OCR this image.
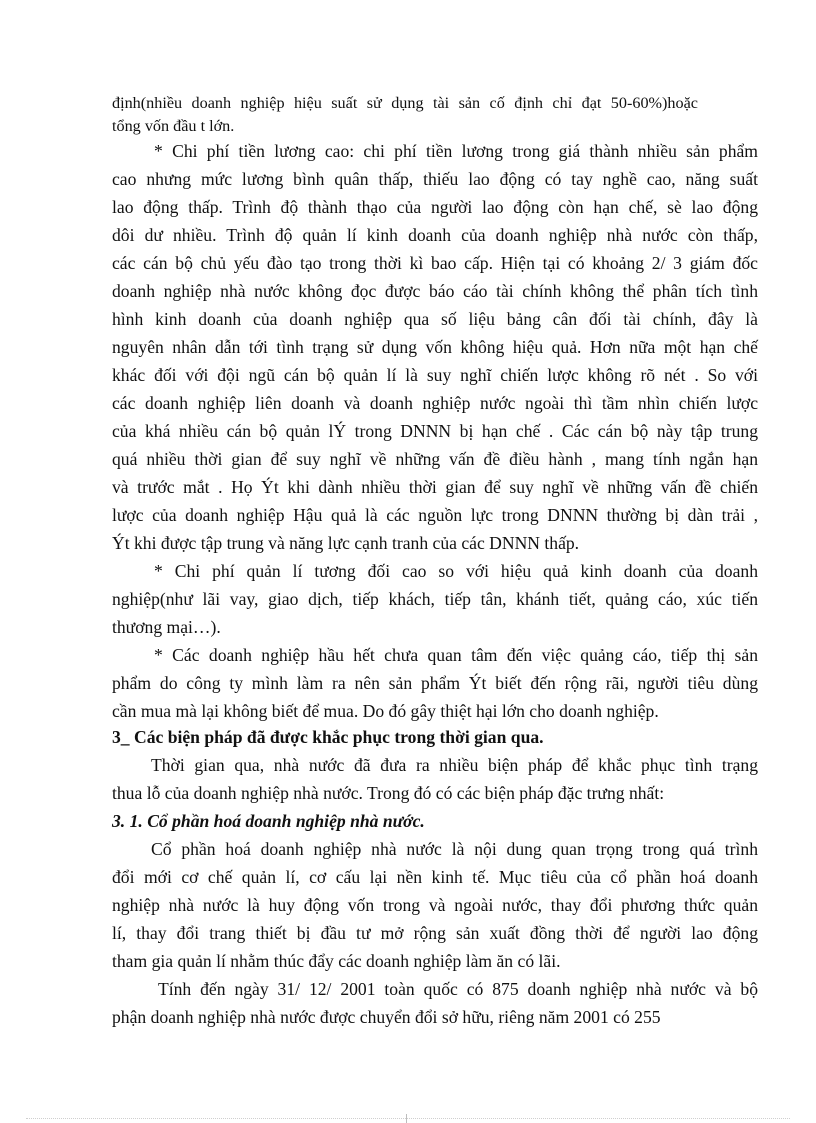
định(nhiều doanh nghiệp hiệu suất sử dụng tài sản cố định chỉ đạt 50-60%)hoặc

tổng vốn đầu t lớn.

* Chi phí tiền lương cao: chi phí tiền lương trong giá thành nhiều sản phẩm

cao nhưng mức lương bình quân thấp, thiếu lao động có tay nghề cao, năng suất

lao động thấp. Trình độ thành thạo của người lao động còn hạn chế, sè lao động

dôi dư nhiều. Trình độ quản lí kinh doanh của doanh nghiệp nhà nước còn thấp,

các cán bộ chủ yếu đào tạo trong thời kì bao cấp. Hiện tại có khoảng 2/ 3 giám đốc

doanh nghiệp nhà nước không đọc được báo cáo tài chính không thể phân tích tình

hình kinh doanh của doanh nghiệp qua số liệu bảng cân đối tài chính, đây là

nguyên nhân dẫn tới tình trạng sử dụng vốn không hiệu quả. Hơn nữa một hạn chế

khác đối với đội ngũ cán bộ quản lí là suy nghĩ chiến lược không rõ nét . So với

các doanh nghiệp liên doanh và doanh nghiệp nước ngoài thì tầm nhìn chiến lược

của khá nhiều cán bộ quản lÝ trong DNNN bị hạn chế . Các cán bộ này tập trung

quá nhiều thời gian để suy nghĩ về những vấn đề điều hành , mang tính ngắn hạn

và trước mắt . Họ Ýt khi dành nhiều thời gian để suy nghĩ về những vấn đề chiến

lược của doanh nghiệp Hậu quả là các nguồn lực trong DNNN thường bị dàn trải ,

Ýt khi được tập trung và năng lực cạnh tranh của các DNNN thấp.

* Chi phí quản lí tương đối cao so với hiệu quả kinh doanh của doanh

nghiệp(như lãi vay, giao dịch, tiếp khách, tiếp tân, khánh tiết, quảng cáo, xúc tiến

thương mại…).

* Các doanh nghiệp hầu hết chưa quan tâm đến việc quảng cáo, tiếp thị sản

phẩm do công ty mình làm ra nên sản phẩm Ýt biết đến rộng rãi, người tiêu dùng

cần mua mà lại không biết để mua. Do đó gây thiệt hại lớn cho doanh nghiệp.

3_ Các biện pháp đã được khắc phục trong thời gian qua.

Thời gian qua, nhà nước đã đưa ra nhiều biện pháp để khắc phục tình trạng

thua lỗ của doanh nghiệp nhà nước. Trong đó có các biện pháp đặc trưng nhất:

3. 1. Cổ phần hoá doanh nghiệp nhà nước.

Cổ phần hoá doanh nghiệp nhà nước là nội dung quan trọng trong quá trình

đổi mới cơ chế quản lí, cơ cấu lại nền kinh tế. Mục tiêu của cổ phần hoá doanh

nghiệp nhà nước là huy động vốn trong và ngoài nước, thay đổi phương thức quản

lí, thay đổi trang thiết bị đầu tư mở rộng sản xuất đồng thời để người lao động

tham gia quản lí nhằm thúc đẩy các doanh nghiệp làm ăn có lãi.

Tính đến ngày 31/ 12/ 2001 toàn quốc có 875 doanh nghiệp nhà nước và bộ

phận doanh nghiệp nhà nước được chuyển đổi sở hữu, riêng năm 2001 có 255
